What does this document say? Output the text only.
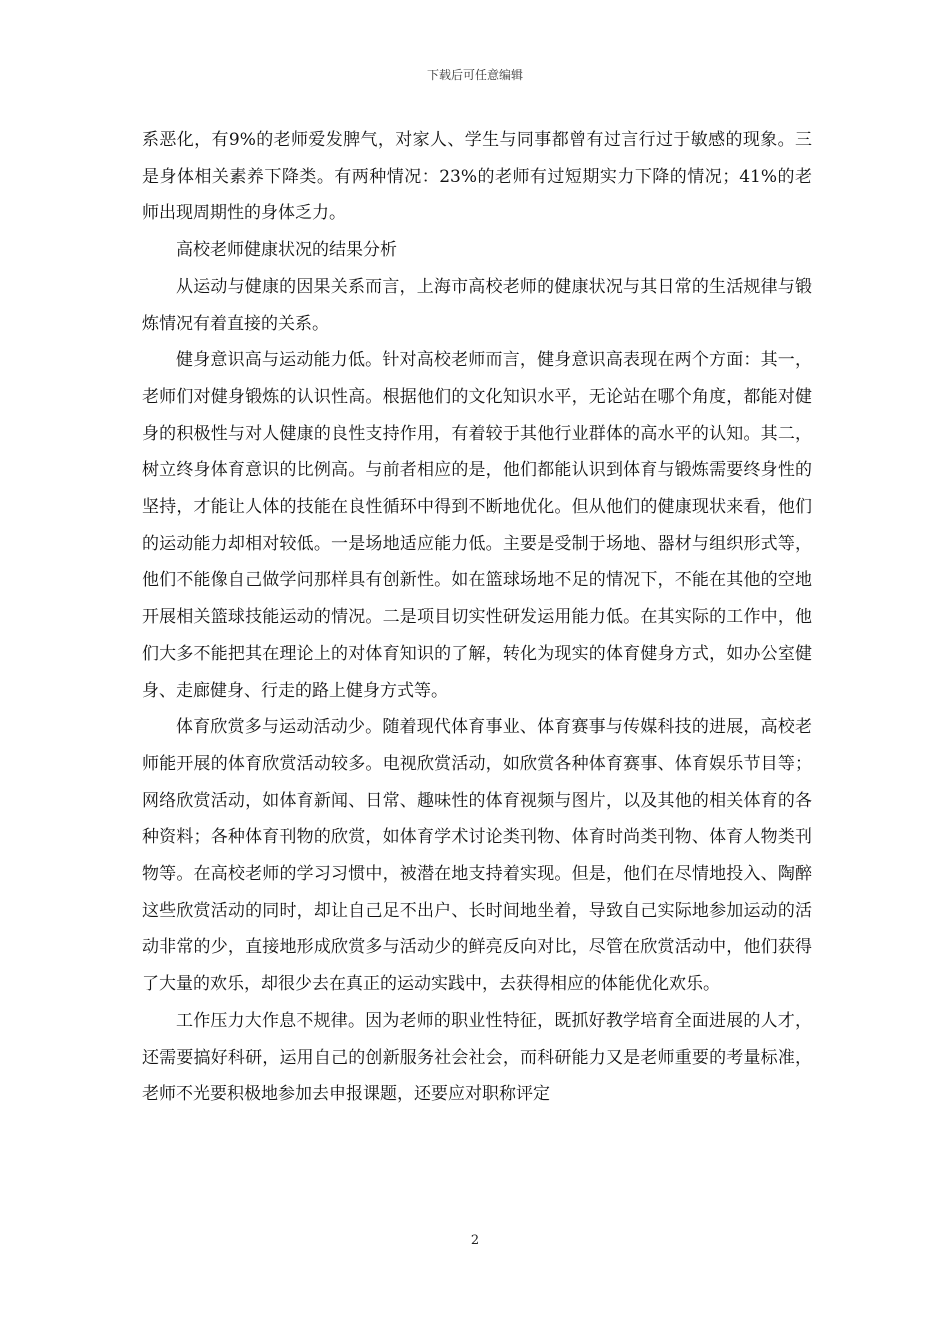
下载后可任意编辑

系恶化，有9%的老师爱发脾气，对家人、学生与同事都曾有过言行过于敏感的现象。三是身体相关素养下降类。有两种情况：23%的老师有过短期实力下降的情况；41%的老师出现周期性的身体乏力。

高校老师健康状况的结果分析

从运动与健康的因果关系而言，上海市高校老师的健康状况与其日常的生活规律与锻炼情况有着直接的关系。

健身意识高与运动能力低。针对高校老师而言，健身意识高表现在两个方面：其一，老师们对健身锻炼的认识性高。根据他们的文化知识水平，无论站在哪个角度，都能对健身的积极性与对人健康的良性支持作用，有着较于其他行业群体的高水平的认知。其二，树立终身体育意识的比例高。与前者相应的是，他们都能认识到体育与锻炼需要终身性的坚持，才能让人体的技能在良性循环中得到不断地优化。但从他们的健康现状来看，他们的运动能力却相对较低。一是场地适应能力低。主要是受制于场地、器材与组织形式等，他们不能像自己做学问那样具有创新性。如在篮球场地不足的情况下，不能在其他的空地开展相关篮球技能运动的情况。二是项目切实性研发运用能力低。在其实际的工作中，他们大多不能把其在理论上的对体育知识的了解，转化为现实的体育健身方式，如办公室健身、走廊健身、行走的路上健身方式等。

体育欣赏多与运动活动少。随着现代体育事业、体育赛事与传媒科技的进展，高校老师能开展的体育欣赏活动较多。电视欣赏活动，如欣赏各种体育赛事、体育娱乐节目等；网络欣赏活动，如体育新闻、日常、趣味性的体育视频与图片，以及其他的相关体育的各种资料；各种体育刊物的欣赏，如体育学术讨论类刊物、体育时尚类刊物、体育人物类刊物等。在高校老师的学习习惯中，被潜在地支持着实现。但是，他们在尽情地投入、陶醉这些欣赏活动的同时，却让自己足不出户、长时间地坐着，导致自己实际地参加运动的活动非常的少，直接地形成欣赏多与活动少的鲜亮反向对比，尽管在欣赏活动中，他们获得了大量的欢乐，却很少去在真正的运动实践中，去获得相应的体能优化欢乐。

工作压力大作息不规律。因为老师的职业性特征，既抓好教学培育全面进展的人才，还需要搞好科研，运用自己的创新服务社会社会，而科研能力又是老师重要的考量标准，老师不光要积极地参加去申报课题，还要应对职称评定

2
